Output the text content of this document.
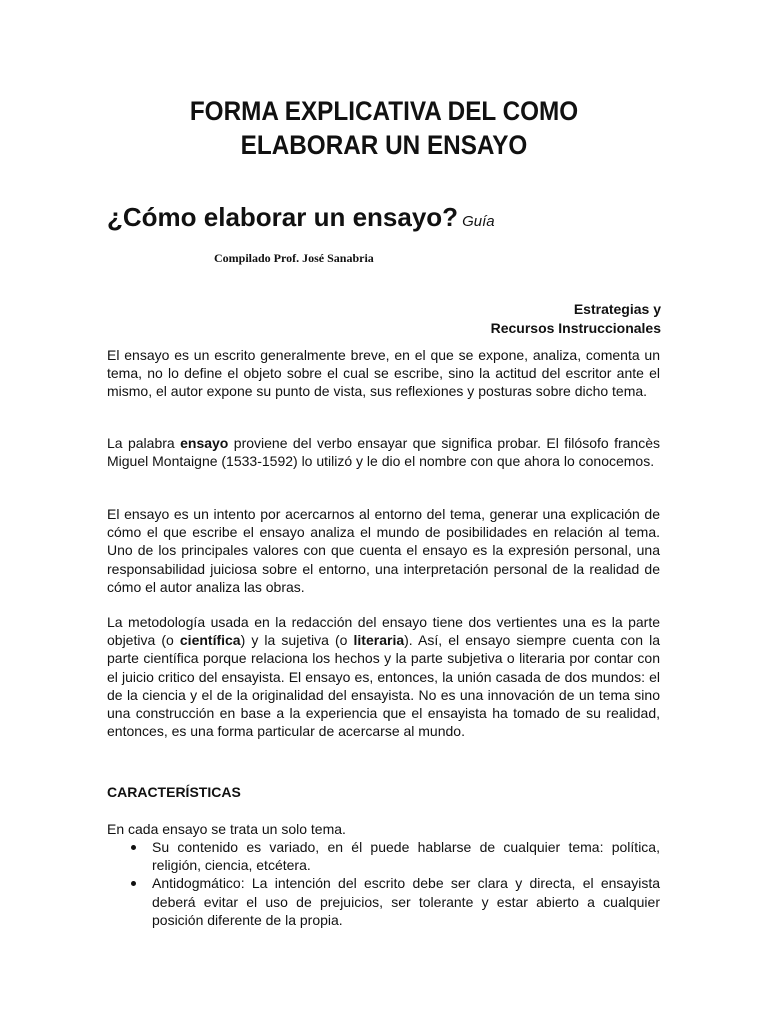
FORMA EXPLICATIVA DEL COMO
ELABORAR UN ENSAYO
¿Cómo elaborar un ensayo? Guía
Compilado Prof. José Sanabria
Estrategias y
Recursos Instruccionales

El ensayo es un escrito generalmente breve, en el que se expone, analiza, comenta un tema, no lo define el objeto sobre el cual se escribe, sino la actitud del escritor ante el mismo, el autor expone su punto de vista, sus reflexiones y posturas sobre dicho tema.

La palabra ensayo proviene del verbo ensayar que significa probar. El filósofo francès Miguel Montaigne (1533-1592) lo utilizó y le dio el nombre con que ahora lo conocemos.

El ensayo es un intento por acercarnos al entorno del tema, generar una explicación de cómo el que escribe el ensayo analiza el mundo de posibilidades en relación al tema. Uno de los principales valores con que cuenta el ensayo es la expresión personal, una responsabilidad juiciosa sobre el entorno, una interpretación personal de la realidad de cómo el autor analiza las obras.

La metodología usada en la redacción del ensayo tiene dos vertientes una es la parte objetiva (o científica) y la sujetiva (o literaria). Así, el ensayo siempre cuenta con la parte científica porque relaciona los hechos y la parte subjetiva o literaria por contar con el juicio critico del ensayista. El ensayo es, entonces, la unión casada de dos mundos: el de la ciencia y el de la originalidad del ensayista. No es una innovación de un tema sino una construcción en base a la experiencia que el ensayista ha tomado de su realidad, entonces, es una forma particular de acercarse al mundo.

CARACTERÍSTICAS
En cada ensayo se trata un solo tema.
Su contenido es variado, en él puede hablarse de cualquier tema: política, religión, ciencia, etcétera.
Antidogmático: La intención del escrito debe ser clara y directa, el ensayista deberá evitar el uso de prejuicios, ser tolerante y estar abierto a cualquier posición diferente de la propia.
